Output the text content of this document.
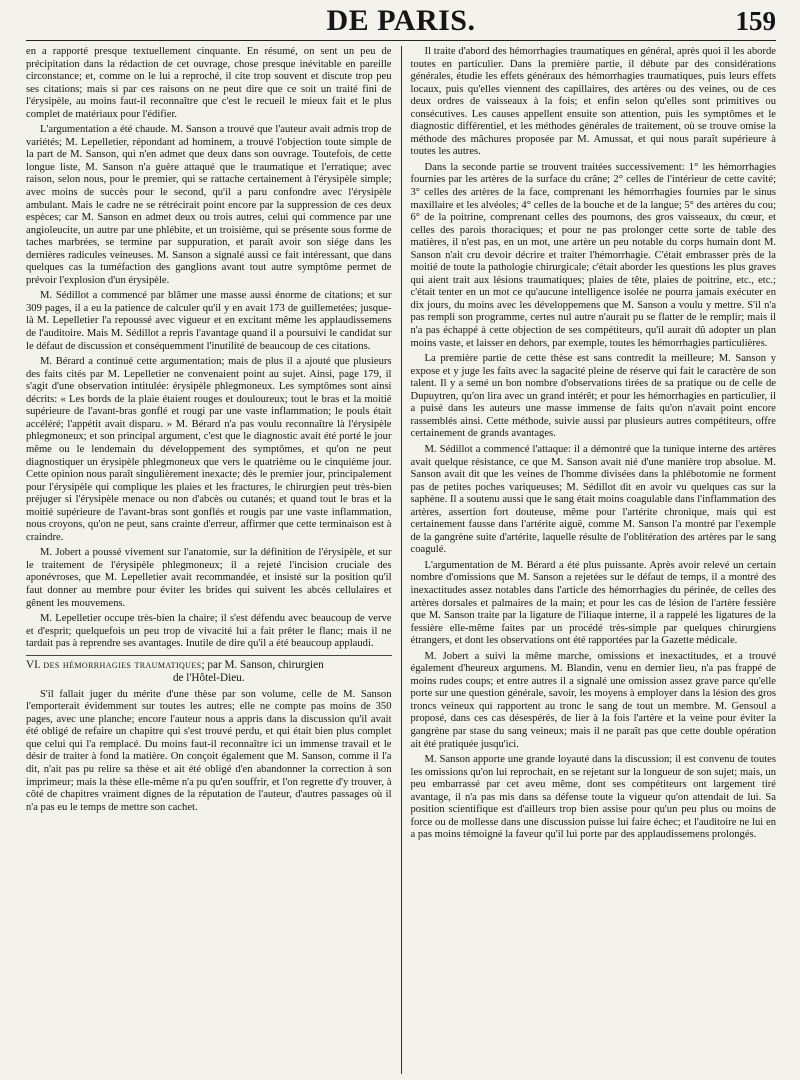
DE PARIS.	159

en a rapporté presque textuellement cinquante. En résumé, on sent un peu de précipitation dans la rédaction de cet ouvrage, chose presque inévitable en pareille circonstance; et, comme on le lui a reproché, il cite trop souvent et discute trop peu ses citations; mais si par ces raisons on ne peut dire que ce soit un traité fini de l'érysipèle, au moins faut-il reconnaître que c'est le recueil le mieux fait et le plus complet de matériaux pour l'édifier.

L'argumentation a été chaude. M. Sanson a trouvé que l'auteur avait admis trop de variétés; M. Lepelletier, répondant ad hominem, a trouvé l'objection toute simple de la part de M. Sanson, qui n'en admet que deux dans son ouvrage. Toutefois, de cette longue liste, M. Sanson n'a guère attaqué que le traumatique et l'erratique; avec raison, selon nous, pour le premier, qui se rattache certainement à l'érysipèle simple; avec moins de succès pour le second, qu'il a paru confondre avec l'érysipèle ambulant. Mais le cadre ne se rétrécirait point encore par la suppression de ces deux espèces; car M. Sanson en admet deux ou trois autres, celui qui commence par une angioleucite, un autre par une phlébite, et un troisième, qui se présente sous forme de taches marbrées, se termine par suppuration, et paraît avoir son siége dans les dernières radicules veineuses. M. Sanson a signalé aussi ce fait intéressant, que dans quelques cas la tuméfaction des ganglions avant tout autre symptôme permet de prévoir l'explosion d'un érysipèle.

M. Sédillot a commencé par blâmer une masse aussi énorme de citations; et sur 309 pages, il a eu la patience de calculer qu'il y en avait 173 de guillemetées; jusque-là M. Lepelletier l'a repoussé avec vigueur et en excitant même les applaudissemens de l'auditoire. Mais M. Sédillot a repris l'avantage quand il a poursuivi le candidat sur le défaut de discussion et conséquemment l'inutilité de beaucoup de ces citations.

M. Bérard a continué cette argumentation; mais de plus il a ajouté que plusieurs des faits cités par M. Lepelletier ne convenaient point au sujet. Ainsi, page 179, il s'agit d'une observation intitulée: érysipèle phlegmoneux. Les symptômes sont ainsi décrits: « Les bords de la plaie étaient rouges et douloureux; tout le bras et la moitié supérieure de l'avant-bras gonflé et rougi par une vaste inflammation; le pouls était accéléré; l'appétit avait disparu. » M. Bérard n'a pas voulu reconnaître là l'érysipèle phlegmoneux; et son principal argument, c'est que le diagnostic avait été porté le jour même ou le lendemain du développement des symptômes, et qu'on ne peut diagnostiquer un érysipèle phlegmoneux que vers le quatrième ou le cinquième jour. Cette opinion nous paraît singulièrement inexacte; dès le premier jour, principalement pour l'érysipèle qui complique les plaies et les fractures, le chirurgien peut très-bien préjuger si l'érysipèle menace ou non d'abcès ou cutanés; et quand tout le bras et la moitié supérieure de l'avant-bras sont gonflés et rougis par une vaste inflammation, nous croyons, qu'on ne peut, sans crainte d'erreur, affirmer que cette terminaison est à craindre.

M. Jobert a poussé vivement sur l'anatomie, sur la définition de l'érysipèle, et sur le traitement de l'érysipèle phlegmoneux; il a rejeté l'incision cruciale des aponévroses, que M. Lepelletier avait recommandée, et insisté sur la position qu'il faut donner au membre pour éviter les brides qui suivent les abcès cellulaires et gênent les mouvemens.

M. Lepelletier occupe très-bien la chaire; il s'est défendu avec beaucoup de verve et d'esprit; quelquefois un peu trop de vivacité lui a fait prêter le flanc; mais il ne tardait pas à reprendre ses avantages. Inutile de dire qu'il a été beaucoup applaudi.

VI. des hémorrhagies traumatiques; par M. Sanson, chirurgien
de l'Hôtel-Dieu.

S'il fallait juger du mérite d'une thèse par son volume, celle de M. Sanson l'emporterait évidemment sur toutes les autres; elle ne compte pas moins de 350 pages, avec une planche; encore l'auteur nous a appris dans la discussion qu'il avait été obligé de refaire un chapitre qui s'est trouvé perdu, et qui était bien plus complet que celui qui l'a remplacé. Du moins faut-il reconnaître ici un immense travail et le désir de traiter à fond la matière. On conçoit également que M. Sanson, comme il l'a dit, n'ait pas pu relire sa thèse et ait été obligé d'en abandonner la correction à son imprimeur; mais la thèse elle-même n'a pu qu'en souffrir, et l'on regrette d'y trouver, à côté de chapitres vraiment dignes de la réputation de l'auteur, d'autres passages où il n'a pas eu le temps de mettre son cachet.

Il traite d'abord des hémorrhagies traumatiques en général, après quoi il les aborde toutes en particulier. Dans la première partie, il débute par des considérations générales, étudie les effets généraux des hémorrhagies traumatiques, puis leurs effets locaux, puis qu'elles viennent des capillaires, des artères ou des veines, ou de ces deux ordres de vaisseaux à la fois; et enfin selon qu'elles sont primitives ou consécutives. Les causes appellent ensuite son attention, puis les symptômes et le diagnostic différentiel, et les méthodes générales de traitement, où se trouve omise la méthode des mâchures proposée par M. Amussat, et qui nous paraît supérieure à toutes les autres.

Dans la seconde partie se trouvent traitées successivement: 1° les hémorrhagies fournies par les artères de la surface du crâne; 2° celles de l'intérieur de cette cavité; 3° celles des artères de la face, comprenant les hémorrhagies fournies par le sinus maxillaire et les alvéoles; 4° celles de la bouche et de la langue; 5° des artères du cou; 6° de la poitrine, comprenant celles des poumons, des gros vaisseaux, du cœur, et celles des parois thoraciques; et pour ne pas prolonger cette sorte de table des matières, il n'est pas, en un mot, une artère un peu notable du corps humain dont M. Sanson n'ait cru devoir décrire et traiter l'hémorrhagie. C'était embrasser près de la moitié de toute la pathologie chirurgicale; c'était aborder les questions les plus graves qui aient trait aux lésions traumatiques; plaies de tête, plaies de poitrine, etc., etc.; c'était tenter en un mot ce qu'aucune intelligence isolée ne pourra jamais exécuter en dix jours, du moins avec les développemens que M. Sanson a voulu y mettre. S'il n'a pas rempli son programme, certes nul autre n'aurait pu se flatter de le remplir; mais il n'a pas échappé à cette objection de ses compétiteurs, qu'il aurait dû adopter un plan moins vaste, et laisser en dehors, par exemple, toutes les hémorrhagies particulières.

La première partie de cette thèse est sans contredit la meilleure; M. Sanson y expose et y juge les faits avec la sagacité pleine de réserve qui fait le caractère de son talent. Il y a semé un bon nombre d'observations tirées de sa pratique ou de celle de Dupuytren, qu'on lira avec un grand intérêt; et pour les hémorrhagies en particulier, il a puisé dans les auteurs une masse immense de faits qu'on n'avait point encore rassemblés ainsi. Cette méthode, suivie aussi par plusieurs autres compétiteurs, offre certainement de grands avantages.

M. Sédillot a commencé l'attaque: il a démontré que la tunique interne des artères avait quelque résistance, ce que M. Sanson avait nié d'une manière trop absolue. M. Sanson avait dit que les veines de l'homme divisées dans la phlébotomie ne forment pas de petites poches variqueuses; M. Sédillot dit en avoir vu quelques cas sur la saphène. Il a soutenu aussi que le sang était moins coagulable dans l'inflammation des artères, assertion fort douteuse, même pour l'artérite chronique, mais qui est certainement fausse dans l'artérite aiguë, comme M. Sanson l'a montré par l'exemple de la gangrène suite d'artérite, laquelle résulte de l'oblitération des artères par le sang coagulé.

L'argumentation de M. Bérard a été plus puissante. Après avoir relevé un certain nombre d'omissions que M. Sanson a rejetées sur le défaut de temps, il a montré des inexactitudes assez notables dans l'article des hémorrhagies du périnée, de celles des artères dorsales et palmaires de la main; et pour les cas de lésion de l'artère fessière que M. Sanson traite par la ligature de l'iliaque interne, il a rappelé les ligatures de la fessière elle-même faites par un procédé très-simple par quelques chirurgiens étrangers, et dont les observations ont été rapportées par la Gazette médicale.

M. Jobert a suivi la même marche, omissions et inexactitudes, et a trouvé également d'heureux argumens. M. Blandin, venu en dernier lieu, n'a pas frappé de moins rudes coups; et entre autres il a signalé une omission assez grave parce qu'elle porte sur une question générale, savoir, les moyens à employer dans la lésion des gros troncs veineux qui rapportent au tronc le sang de tout un membre. M. Gensoul a proposé, dans ces cas désespérés, de lier à la fois l'artère et la veine pour éviter la gangrène par stase du sang veineux; mais il ne paraît pas que cette double opération ait été pratiquée jusqu'ici.

M. Sanson apporte une grande loyauté dans la discussion; il est convenu de toutes les omissions qu'on lui reprochait, en se rejetant sur la longueur de son sujet; mais, un peu embarrassé par cet aveu même, dont ses compétiteurs ont largement tiré avantage, il n'a pas mis dans sa défense toute la vigueur qu'on attendait de lui. Sa position scientifique est d'ailleurs trop bien assise pour qu'un peu plus ou moins de force ou de mollesse dans une discussion puisse lui faire échec; et l'auditoire ne lui en a pas moins témoigné la faveur qu'il lui porte par des applaudissemens prolongés.
